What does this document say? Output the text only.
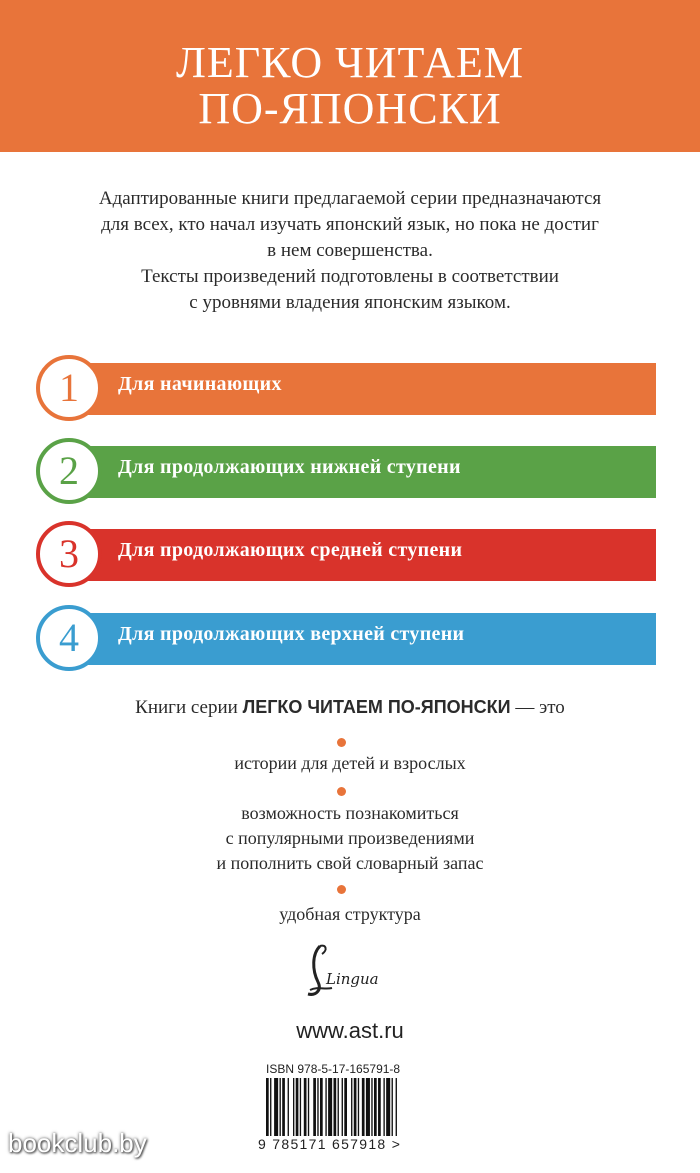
ЛЕГКО ЧИТАЕМ
ПО-ЯПОНСКИ
Адаптированные книги предлагаемой серии предназначаются
для всех, кто начал изучать японский язык, но пока не достиг
в нем совершенства.
Тексты произведений подготовлены в соответствии
с уровнями владения японским языком.
1	Для начинающих
2	Для продолжающих нижней ступени
3	Для продолжающих средней ступени
4	Для продолжающих верхней ступени
Книги серии ЛЕГКО ЧИТАЕМ ПО-ЯПОНСКИ — это
истории для детей и взрослых
возможность познакомиться
с популярными произведениями
и пополнить свой словарный запас
удобная структура
Lingua
www.ast.ru
ISBN 978-5-17-165791-8
9 785171 657918 >
bookclub.by
